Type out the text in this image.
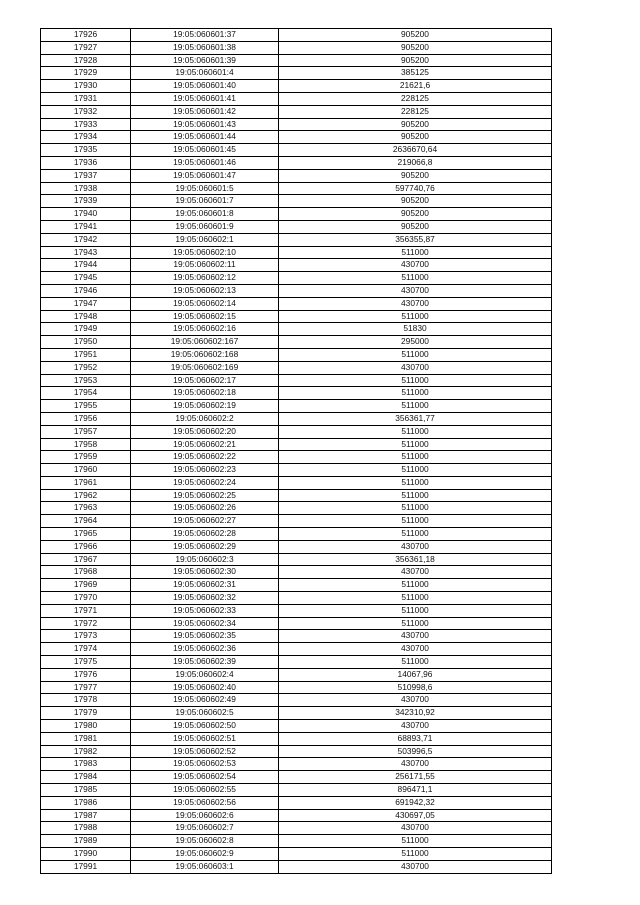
17926	19:05:060601:37	905200
17927	19:05:060601:38	905200
17928	19:05:060601:39	905200
17929	19:05:060601:4	385125
17930	19:05:060601:40	21621,6
17931	19:05:060601:41	228125
17932	19:05:060601:42	228125
17933	19:05:060601:43	905200
17934	19:05:060601:44	905200
17935	19:05:060601:45	2636670,64
17936	19:05:060601:46	219066,8
17937	19:05:060601:47	905200
17938	19:05:060601:5	597740,76
17939	19:05:060601:7	905200
17940	19:05:060601:8	905200
17941	19:05:060601:9	905200
17942	19:05:060602:1	356355,87
17943	19:05:060602:10	511000
17944	19:05:060602:11	430700
17945	19:05:060602:12	511000
17946	19:05:060602:13	430700
17947	19:05:060602:14	430700
17948	19:05:060602:15	511000
17949	19:05:060602:16	51830
17950	19:05:060602:167	295000
17951	19:05:060602:168	511000
17952	19:05:060602:169	430700
17953	19:05:060602:17	511000
17954	19:05:060602:18	511000
17955	19:05:060602:19	511000
17956	19:05:060602:2	356361,77
17957	19:05:060602:20	511000
17958	19:05:060602:21	511000
17959	19:05:060602:22	511000
17960	19:05:060602:23	511000
17961	19:05:060602:24	511000
17962	19:05:060602:25	511000
17963	19:05:060602:26	511000
17964	19:05:060602:27	511000
17965	19:05:060602:28	511000
17966	19:05:060602:29	430700
17967	19:05:060602:3	356361,18
17968	19:05:060602:30	430700
17969	19:05:060602:31	511000
17970	19:05:060602:32	511000
17971	19:05:060602:33	511000
17972	19:05:060602:34	511000
17973	19:05:060602:35	430700
17974	19:05:060602:36	430700
17975	19:05:060602:39	511000
17976	19:05:060602:4	14067,96
17977	19:05:060602:40	510998,6
17978	19:05:060602:49	430700
17979	19:05:060602:5	342310,92
17980	19:05:060602:50	430700
17981	19:05:060602:51	68893,71
17982	19:05:060602:52	503996,5
17983	19:05:060602:53	430700
17984	19:05:060602:54	256171,55
17985	19:05:060602:55	896471,1
17986	19:05:060602:56	691942,32
17987	19:05:060602:6	430697,05
17988	19:05:060602:7	430700
17989	19:05:060602:8	511000
17990	19:05:060602:9	511000
17991	19:05:060603:1	430700
